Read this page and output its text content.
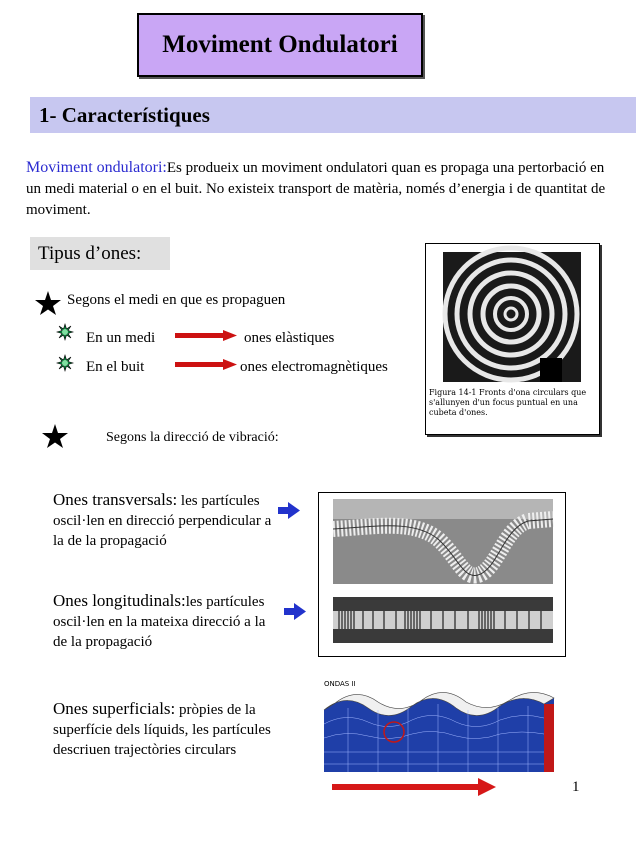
Moviment Ondulatori
1- Característiques
Moviment ondulatori:Es produeix un moviment ondulatori quan es propaga una pertorbació en un medi material o en el buit. No existeix transport de matèria, només d’energia i de quantitat de moviment.
Tipus d’ones:
Segons el medi en que es propaguen
En un medi	ones elàstiques
En el buit	ones electromagnètiques
Figura 14-1 Fronts d'ona circulars que s'allunyen d'un focus puntual en una cubeta d'ones.
Segons la direcció de vibració:
Ones transversals: les partícules oscil·len en direcció perpendicular a la de la propagació
Ones longitudinals:les partícules oscil·len en la mateixa direcció a la de la propagació
Ones superficials: pròpies de la superfície dels líquids, les partícules descriuen trajectòries circulars
ONDAS II
1
